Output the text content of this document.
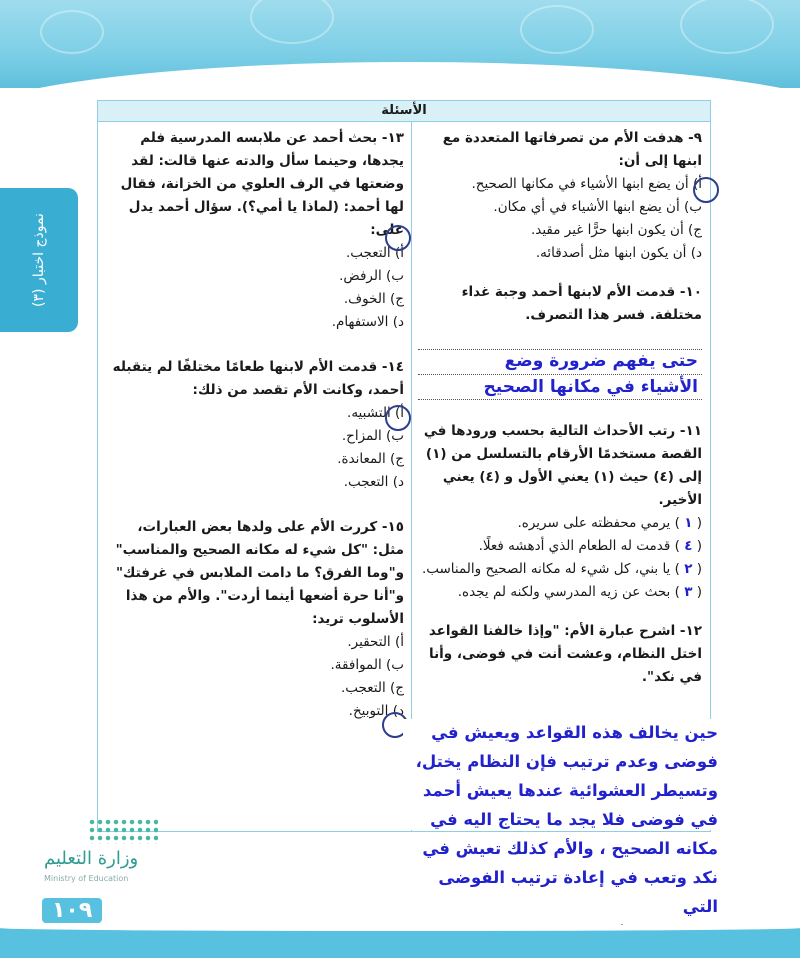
نموذج اختبار (٣)
الأسئلة

٩- هدفت الأم من تصرفاتها المتعددة مع ابنها إلى أن:

أ) أن يضع ابنها الأشياء في مكانها الصحيح.
ب) أن يضع ابنها الأشياء في أي مكان.
ج) أن يكون ابنها حرًّا غير مقيد.
د) أن يكون ابنها مثل أصدقائه.

١٠- قدمت الأم لابنها أحمد وجبة غداء مختلفة. فسر هذا التصرف.

١١- رتب الأحداث التالية بحسب ورودها في القصة مستخدمًا الأرقام بالتسلسل من (١) إلى (٤) حيث (١) يعني الأول و (٤) يعني الأخير.

( ١ ) يرمي محفظته على سريره.
( ٤ ) قدمت له الطعام الذي أدهشه فعلًا.
( ٢ ) يا بني، كل شيء له مكانه الصحيح والمناسب.
( ٣ ) بحث عن زيه المدرسي ولكنه لم يجده.

١٢- اشرح عبارة الأم: "وإذا خالفنا القواعد اختل النظام، وعشت أنت في فوضى، وأنا في نكد".

١٣- بحث أحمد عن ملابسه المدرسية فلم يجدها، وحينما سأل والدته عنها قالت: لقد وضعتها في الرف العلوي من الخزانة، فقال لها أحمد: (لماذا يا أمي؟). سؤال أحمد يدل على:

أ) التعجب.
ب) الرفض.
ج) الخوف.
د) الاستفهام.

١٤- قدمت الأم لابنها طعامًا مختلفًا لم يتقبله أحمد، وكانت الأم تقصد من ذلك:

أ) التشبيه.
ب) المزاح.
ج) المعاندة.
د) التعجب.

١٥- كررت الأم على ولدها بعض العبارات، مثل: "كل شيء له مكانه الصحيح والمناسب" و"وما الفرق؟ ما دامت الملابس في غرفتك" و"أنا حرة أضعها أينما أردت". والأم من هذا الأسلوب تريد:

أ) التحقير.
ب) الموافقة.
ج) التعجب.
د) التوبيخ.
حتى يفهم ضرورة وضع
الأشياء في مكانها الصحيح
حين يخالف هذه القواعد ويعيش في
فوضى وعدم ترتيب فإن النظام يختل،
وتسيطر العشوائية عندها يعيش أحمد
في فوضى فلا يجد ما يحتاج اليه في
مكانه الصحيح ، والأم كذلك تعيش في
نكد وتعب في إعادة ترتيب الفوضى التي
وزارة التعليم
Ministry of Education
١٠٩
